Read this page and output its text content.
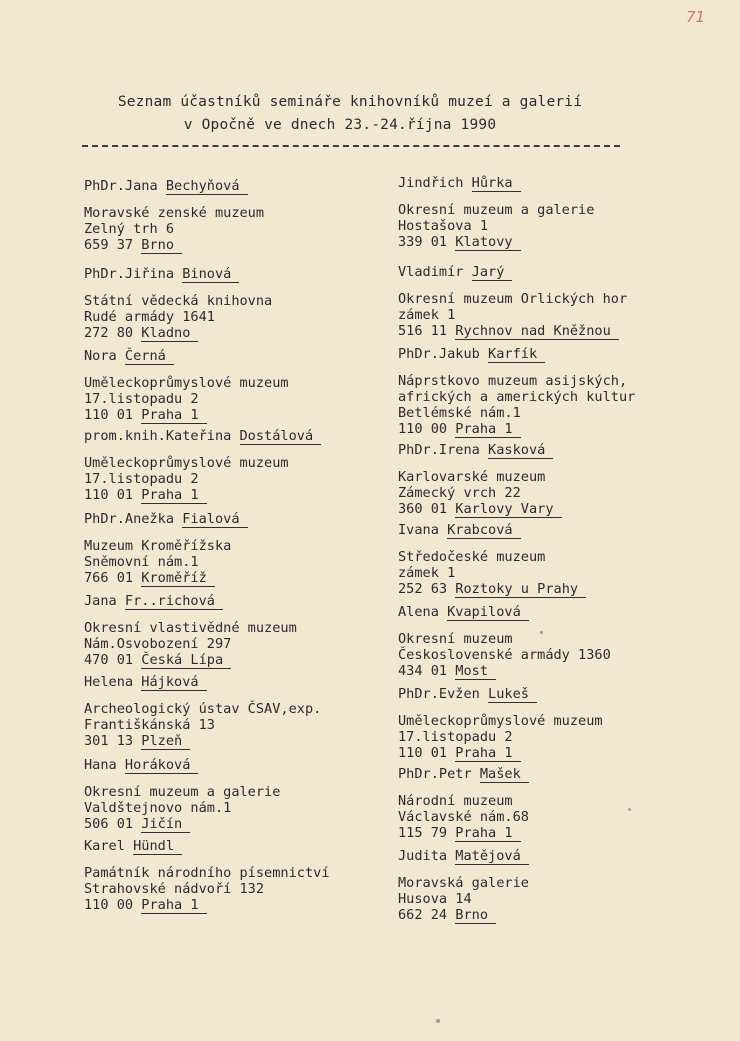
71
Seznam účastníků semináře knihovníků muzeí a galerií
v Opočně ve dnech 23.-24.října 1990
PhDr.Jana Bechyňová
Moravské zenské muzeum
Zelný trh 6
659 37 Brno
PhDr.Jiřina Binová
Státní vědecká knihovna
Rudé armády 1641
272 80 Kladno
Nora Černá
Uměleckoprůmyslové muzeum
17.listopadu 2
110 01 Praha 1
prom.knih.Kateřina Dostálová
Uměleckoprůmyslové muzeum
17.listopadu 2
110 01 Praha 1
PhDr.Anežka Fialová
Muzeum Kroměřížska
Sněmovní nám.1
766 01 Kroměříž
Jana Fr..richová
Okresní vlastivědné muzeum
Nám.Osvobození 297
470 01 Česká Lípa
Helena Hájková
Archeologický ústav ČSAV,exp.
Františkánská 13
301 13 Plzeň
Hana Horáková
Okresní muzeum a galerie
Valdštejnovo nám.1
506 01 Jičín
Karel Hündl
Památník národního písemnictví
Strahovské nádvoří 132
110 00 Praha 1
Jindřich Hůrka
Okresní muzeum a galerie
Hostašova 1
339 01 Klatovy
Vladimír Jarý
Okresní muzeum Orlických hor
zámek 1
516 11 Rychnov nad Kněžnou
PhDr.Jakub Karfík
Náprstkovo muzeum asijských,
afrických a amerických kultur
Betlémské nám.1
110 00 Praha 1
PhDr.Irena Kasková
Karlovarské muzeum
Zámecký vrch 22
360 01 Karlovy Vary
Ivana Krabcová
Středočeské muzeum
zámek 1
252 63 Roztoky u Prahy
Alena Kvapilová
Okresní muzeum
Československé armády 1360
434 01 Most
PhDr.Evžen Lukeš
Uměleckoprůmyslové muzeum
17.listopadu 2
110 01 Praha 1
PhDr.Petr Mašek
Národní muzeum
Václavské nám.68
115 79 Praha 1
Judita Matějová
Moravská galerie
Husova 14
662 24 Brno
